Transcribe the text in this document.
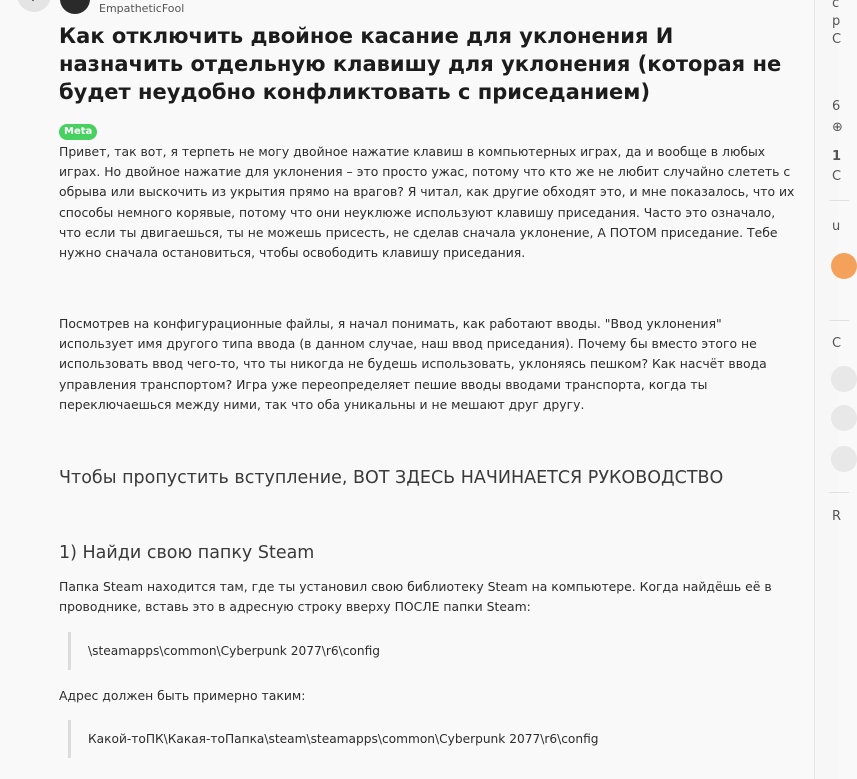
EmpatheticFool
Как отключить двойное касание для уклонения И назначить отдельную клавишу для уклонения (которая не будет неудобно конфликтовать с приседанием)
Meta

Привет, так вот, я терпеть не могу двойное нажатие клавиш в компьютерных играх, да и вообще в любых играх. Но двойное нажатие для уклонения – это просто ужас, потому что кто же не любит случайно слететь с обрыва или выскочить из укрытия прямо на врагов? Я читал, как другие обходят это, и мне показалось, что их способы немного корявые, потому что они неуклюже используют клавишу приседания. Часто это означало, что если ты двигаешься, ты не можешь присесть, не сделав сначала уклонение, А ПОТОМ приседание. Тебе нужно сначала остановиться, чтобы освободить клавишу приседания.

Посмотрев на конфигурационные файлы, я начал понимать, как работают вводы. "Ввод уклонения" использует имя другого типа ввода (в данном случае, наш ввод приседания). Почему бы вместо этого не использовать ввод чего-то, что ты никогда не будешь использовать, уклоняясь пешком? Как насчёт ввода управления транспортом? Игра уже переопределяет пешие вводы вводами транспорта, когда ты переключаешься между ними, так что оба уникальны и не мешают друг другу.

Чтобы пропустить вступление, ВОТ ЗДЕСЬ НАЧИНАЕТСЯ РУКОВОДСТВО
1) Найди свою папку Steam

Папка Steam находится там, где ты установил свою библиотеку Steam на компьютере. Когда найдёшь её в проводнике, вставь это в адресную строку вверху ПОСЛЕ папки Steam:

\steamapps\common\Cyberpunk 2077\r6\config

Адрес должен быть примерно таким:

Какой-тоПК\Какая-тоПапка\steam\steamapps\common\Cyberpunk 2077\r6\config
c
p
C
6
⊕
1
C
u
C
R
